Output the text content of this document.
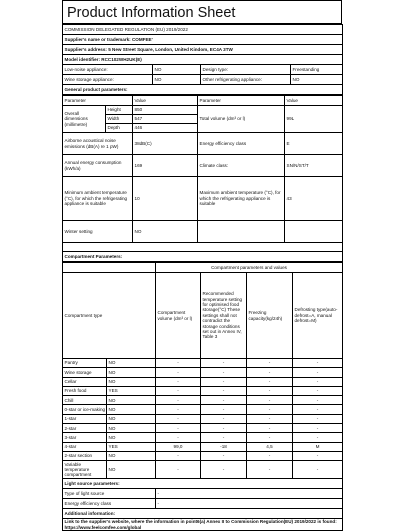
Product Information Sheet
COMMISSION DELEGATED REGULATION (EU) 2019/2022			
Supplier's name or trademark: COMFEE'			
Supplier's address: 5 New Street Square, London, United Kindom, EC4A 3TW			
Model identifier: RCC102WH2UK(E)			
Low-noise appliance:	NO	Design type:	Freestanding
Wine storage appliance:	NO	Other refrigerating appliance:	NO
General product parameters:			
Parameter		Value	Parameter	Value
Overall dimensions (millimetre)	Height	850	Total volume (dm³ or l)	99L
	Width	547		
	Depth	446		
Airborne acoustical noise emissions (dB(A) re 1 pW)		38dB(C)	Energy efficiency class	E
Annual energy consumption (kWh/a)		169	Climate class:	SN/N/ST/T
Minimum ambient temperature (°C), for which the refrigerating appliance is suitable		10	Maximum ambient temperature (°C), for which the refrigerating appliance is suitable	43
Winter setting		NO		

Compartment Parameters:				
		Compartment parameters and values			
Compartment type		Compartment volume (dm³ or l)	Recommended temperature setting for optimised food storage(°C) These settings shall not contradict the storage conditions set out in Annex IV, Table 3	Freezing capacity(kg/24h)	Defrosting type(auto-defrost=A, manual defrost=M)
Pantry	NO	-	-	-	-
Wine storage	NO	-	-	-	-
Cellar	NO	-	-	-	-
Fresh food	YES	-	-	-	-
Chill	NO	-	-	-	-
0-star or ice-making	NO	-	-	-	-
1-star	NO	-	-	-	-
2-star	NO	-	-	-	-
3-star	NO	-	-	-	-
4-star	YES	99,0	-18	4,5	M
2-star section	NO	-	-	-	-
Variable temperature compartment	NO	-	-	-	-
Light source parameters:					
Type of light source		-			
Energy efficiency class		-			
Additional information:					
Link to the supplier's website, where the information in point6(a) Annex II to Commission Regulation(EU) 2019/2022 is found: https://www.feelcomfee.com/global					
